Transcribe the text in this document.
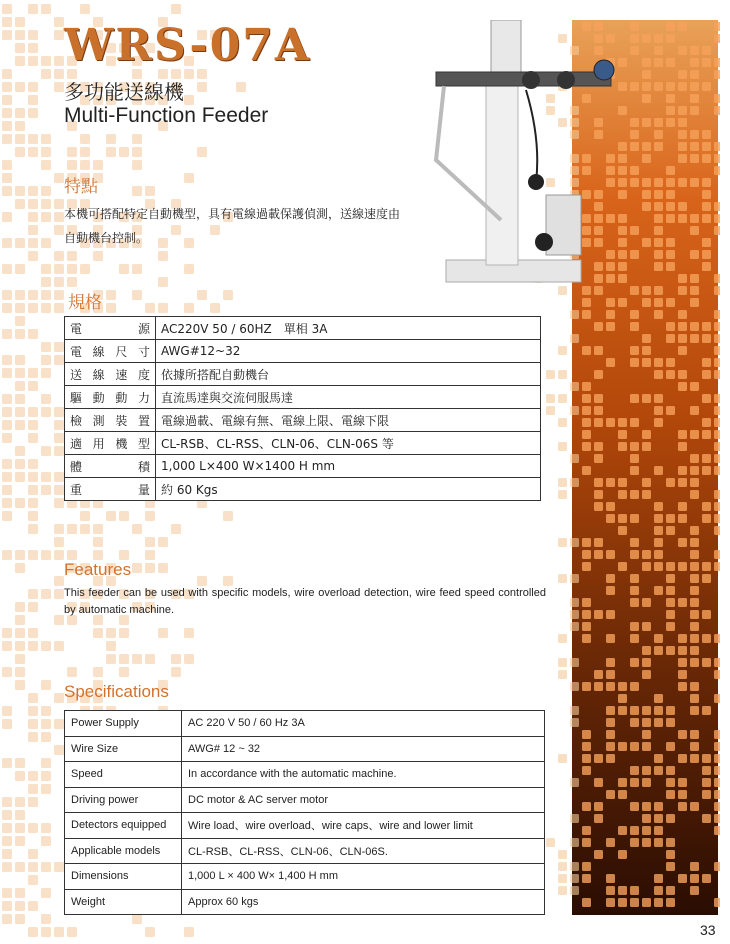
WRS-07A
多功能送線機
Multi-Function Feeder
特點
本機可搭配特定自動機型，具有電線過載保護偵測，送線速度由自動機台控制。
規格
電源	AC220V 50 / 60HZ　單相 3A
電線尺寸	AWG#12~32
送線速度	依據所搭配自動機台
驅動動力	直流馬達與交流伺服馬達
檢測裝置	電線過載、電線有無、電線上限、電線下限
適用機型	CL-RSB、CL-RSS、CLN-06、CLN-06S 等
體積	1,000 L×400 W×1400 H mm
重量	約 60 Kgs
Features
This feeder can be used with specific models, wire overload detection, wire feed speed controlled by automatic machine.
Specifications
Power Supply	AC 220 V 50 / 60 Hz 3A
Wire Size	AWG# 12 ~ 32
Speed	In accordance with the automatic machine.
Driving power	DC motor & AC server motor
Detectors equipped	Wire load、wire overload、wire caps、wire and lower limit
Applicable models	CL-RSB、CL-RSS、CLN-06、CLN-06S.
Dimensions	1,000 L × 400 W× 1,400 H mm
Weight	Approx 60 kgs
33
